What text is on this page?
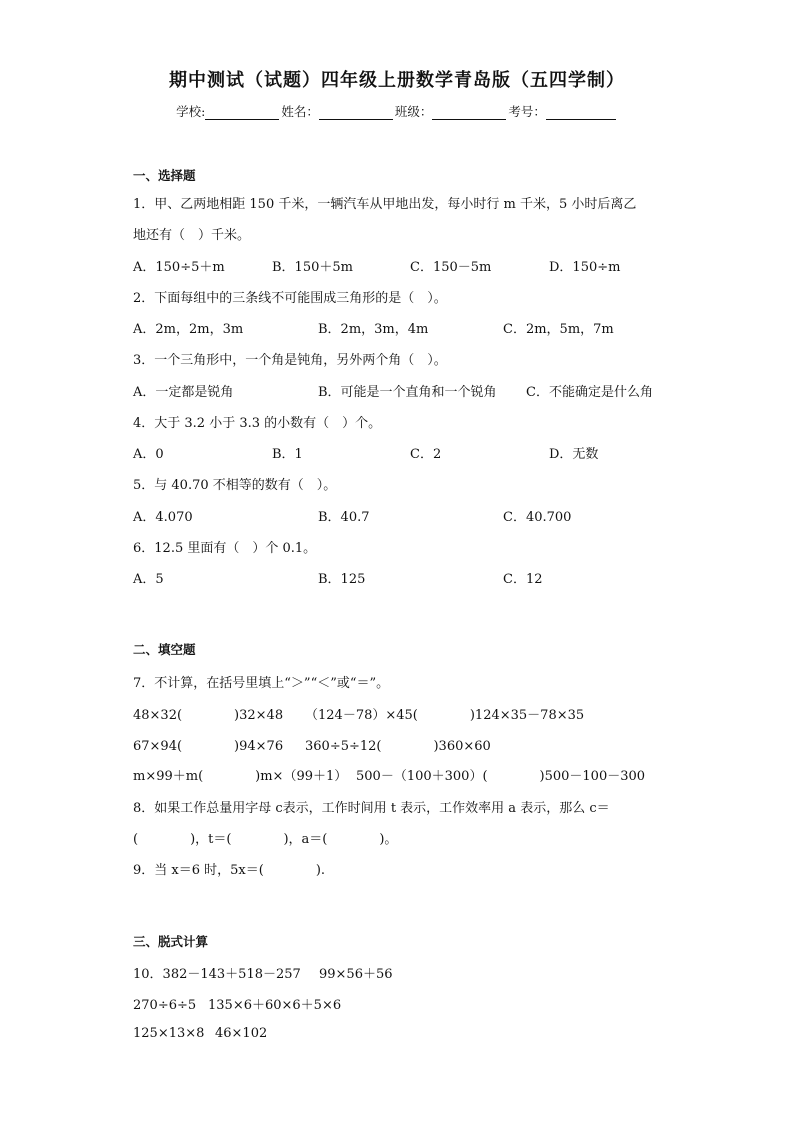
期中测试（试题）四年级上册数学青岛版（五四学制）
学校:	姓名：	班级：	考号：
一、选择题
1．甲、乙两地相距 150 千米，一辆汽车从甲地出发，每小时行 m 千米，5 小时后离乙
地还有（　）千米。
A．150÷5＋m	B．150＋5m	C．150－5m	D．150÷m
2．下面每组中的三条线不可能围成三角形的是（　）。
A．2m，2m，3m	B．2m，3m，4m	C．2m，5m，7m
3．一个三角形中，一个角是钝角，另外两个角（　）。
A．一定都是锐角	B．可能是一个直角和一个锐角 C．不能确定是什么角
4．大于 3.2 小于 3.3 的小数有（　）个。
A．0	B．1	C．2	D．无数
5．与 40.70 不相等的数有（　）。
A．4.070	B．40.7	C．40.700
6．12.5 里面有（　）个 0.1。
A．5	B．125	C．12
二、填空题
7．不计算，在括号里填上“＞”“＜”或“＝”。
48×32(　　　　)32×48 （124－78）×45(　　　　)124×35－78×35
67×94(　　　　)94×76 360÷5÷12(　　　　)360×60
m×99＋m(　　　　)m×（99＋1） 500－（100＋300）(　　　　)500－100－300
8．如果工作总量用字母 c表示，工作时间用 t 表示，工作效率用 a 表示，那么 c＝
(　　　　)，t＝(　　　　)，a＝(　　　　)。
9．当 x＝6 时，5x＝(　　　　).
三、脱式计算
10．382－143＋518－257 99×56＋56
270÷6÷5 135×6＋60×6＋5×6
125×13×8 46×102
